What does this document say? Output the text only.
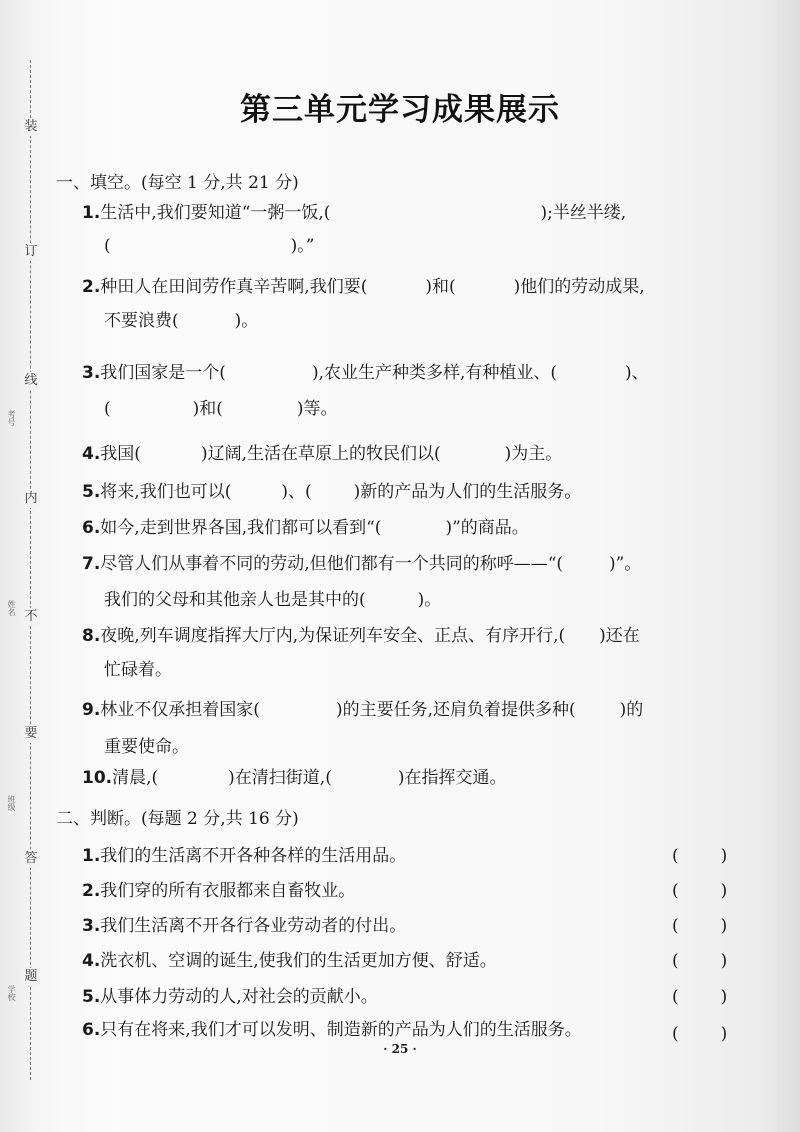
装
订
线
内
不
要
答
题
学校
班级
姓名
考号
第三单元学习成果展示
一、填空。(每空 1 分,共 21 分)
1.生活中,我们要知道“一粥一饭,(	);半丝半缕,
(	)。”
2.种田人在田间劳作真辛苦啊,我们要(	)和(	)他们的劳动成果,
不要浪费(	)。
3.我们国家是一个(	),农业生产种类多样,有种植业、(	)、
(	)和(	)等。
4.我国(	)辽阔,生活在草原上的牧民们以(	)为主。
5.将来,我们也可以(	)、( )新的产品为人们的生活服务。
6.如今,走到世界各国,我们都可以看到“(	)”的商品。
7.尽管人们从事着不同的劳动,但他们都有一个共同的称呼——“(	)”。
我们的父母和其他亲人也是其中的(	)。
8.夜晚,列车调度指挥大厅内,为保证列车安全、正点、有序开行,( )还在
忙碌着。
9.林业不仅承担着国家(	)的主要任务,还肩负着提供多种(	)的
重要使命。
10.清晨,(	)在清扫街道,(	)在指挥交通。
二、判断。(每题 2 分,共 16 分)
1.我们的生活离不开各种各样的生活用品。	( )
2.我们穿的所有衣服都来自畜牧业。	( )
3.我们生活离不开各行各业劳动者的付出。	( )
4.洗衣机、空调的诞生,使我们的生活更加方便、舒适。	( )
5.从事体力劳动的人,对社会的贡献小。	( )
6.只有在将来,我们才可以发明、制造新的产品为人们的生活服务。	( )
· 25 ·
